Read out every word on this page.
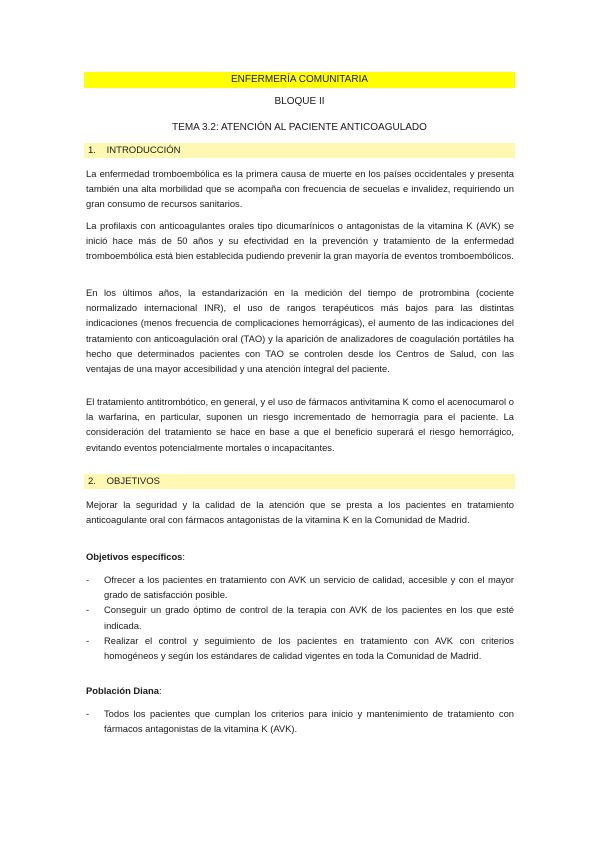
ENFERMERÍA COMUNITARIA
BLOQUE II
TEMA 3.2: ATENCIÓN AL PACIENTE ANTICOAGULADO
1. INTRODUCCIÓN

La enfermedad tromboembólica es la primera causa de muerte en los países occidentales y presenta también una alta morbilidad que se acompaña con frecuencia de secuelas e invalidez, requiriendo un gran consumo de recursos sanitarios.

La profilaxis con anticoagulantes orales tipo dicumarínicos o antagonistas de la vitamina K (AVK) se inició hace más de 50 años y su efectividad en la prevención y tratamiento de la enfermedad tromboembólica está bien establecida pudiendo prevenir la gran mayoría de eventos tromboembólicos.

En los últimos años, la estandarización en la medición del tiempo de protrombina (cociente normalizado internacional INR), el uso de rangos terapéuticos más bajos para las distintas indicaciones (menos frecuencia de complicaciones hemorrágicas), el aumento de las indicaciones del tratamiento con anticoagulación oral (TAO) y la aparición de analizadores de coagulación portátiles ha hecho que determinados pacientes con TAO se controlen desde los Centros de Salud, con las ventajas de una mayor accesibilidad y una atención integral del paciente.

El tratamiento antitrombótico, en general, y el uso de fármacos antivitamina K como el acenocumarol o la warfarina, en particular, suponen un riesgo incrementado de hemorragia para el paciente. La consideración del tratamiento se hace en base a que el beneficio superará el riesgo hemorrágico, evitando eventos potencialmente mortales o incapacitantes.

2. OBJETIVOS

Mejorar la seguridad y la calidad de la atención que se presta a los pacientes en tratamiento anticoagulante oral con fármacos antagonistas de la vitamina K en la Comunidad de Madrid.

Objetivos específicos:
- Ofrecer a los pacientes en tratamiento con AVK un servicio de calidad, accesible y con el mayor grado de satisfacción posible.
- Conseguir un grado óptimo de control de la terapia con AVK de los pacientes en los que esté indicada.
- Realizar el control y seguimiento de los pacientes en tratamiento con AVK con criterios homogéneos y según los estándares de calidad vigentes en toda la Comunidad de Madrid.
Población Diana:
- Todos los pacientes que cumplan los criterios para inicio y mantenimiento de tratamiento con fármacos antagonistas de la vitamina K (AVK).
